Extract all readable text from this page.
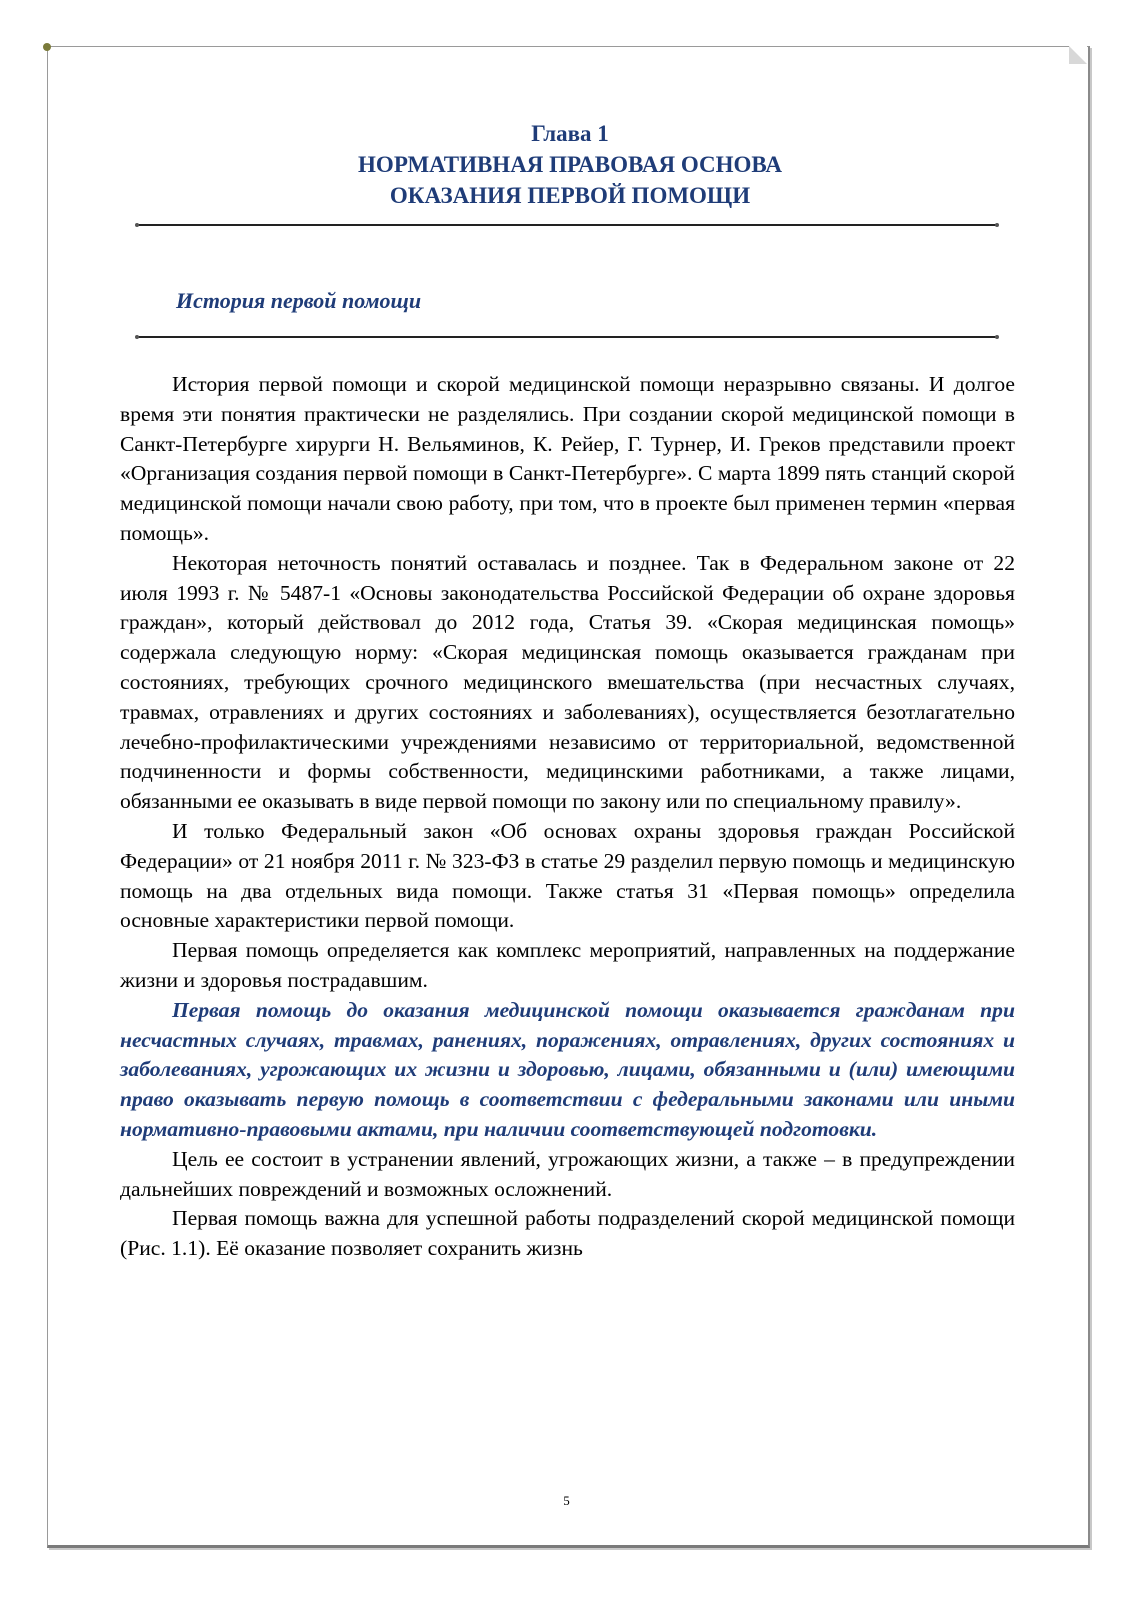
Глава 1
НОРМАТИВНАЯ ПРАВОВАЯ ОСНОВА
ОКАЗАНИЯ ПЕРВОЙ ПОМОЩИ
История первой помощи

История первой помощи и скорой медицинской помощи неразрывно связаны. И долгое время эти понятия практически не разделялись. При создании скорой медицинской помощи в Санкт-Петербурге хирурги Н. Вельяминов, К. Рейер, Г. Турнер, И. Греков представили проект «Организация создания первой помощи в Санкт-Петербурге». С марта 1899 пять станций скорой медицинской помощи начали свою работу, при том, что в проекте был применен термин «первая помощь».

Некоторая неточность понятий оставалась и позднее. Так в Федеральном законе от 22 июля 1993 г. № 5487-1 «Основы законодательства Российской Федерации об охране здоровья граждан», который действовал до 2012 года, Статья 39. «Скорая медицинская помощь» содержала следующую норму: «Скорая медицинская помощь оказывается гражданам при состояниях, требующих срочного медицинского вмешательства (при несчастных случаях, травмах, отравлениях и других состояниях и заболеваниях), осуществляется безотлагательно лечебно-профилактическими учреждениями независимо от территориальной, ведомственной подчиненности и формы собственности, медицинскими работниками, а также лицами, обязанными ее оказывать в виде первой помощи по закону или по специальному правилу».

И только Федеральный закон «Об основах охраны здоровья граждан Российской Федерации» от 21 ноября 2011 г. № 323-ФЗ в статье 29 разделил первую помощь и медицинскую помощь на два отдельных вида помощи. Также статья 31 «Первая помощь» определила основные характеристики первой помощи.

Первая помощь определяется как комплекс мероприятий, направленных на поддержание жизни и здоровья пострадавшим.

Первая помощь до оказания медицинской помощи оказывается гражданам при несчастных случаях, травмах, ранениях, поражениях, отравлениях, других состояниях и заболеваниях, угрожающих их жизни и здоровью, лицами, обязанными и (или) имеющими право оказывать первую помощь в соответствии с федеральными законами или иными нормативно-правовыми актами, при наличии соответствующей подготовки.

Цель ее состоит в устранении явлений, угрожающих жизни, а также – в предупреждении дальнейших повреждений и возможных осложнений.

Первая помощь важна для успешной работы подразделений скорой медицинской помощи (Рис. 1.1). Её оказание позволяет сохранить жизнь

5
